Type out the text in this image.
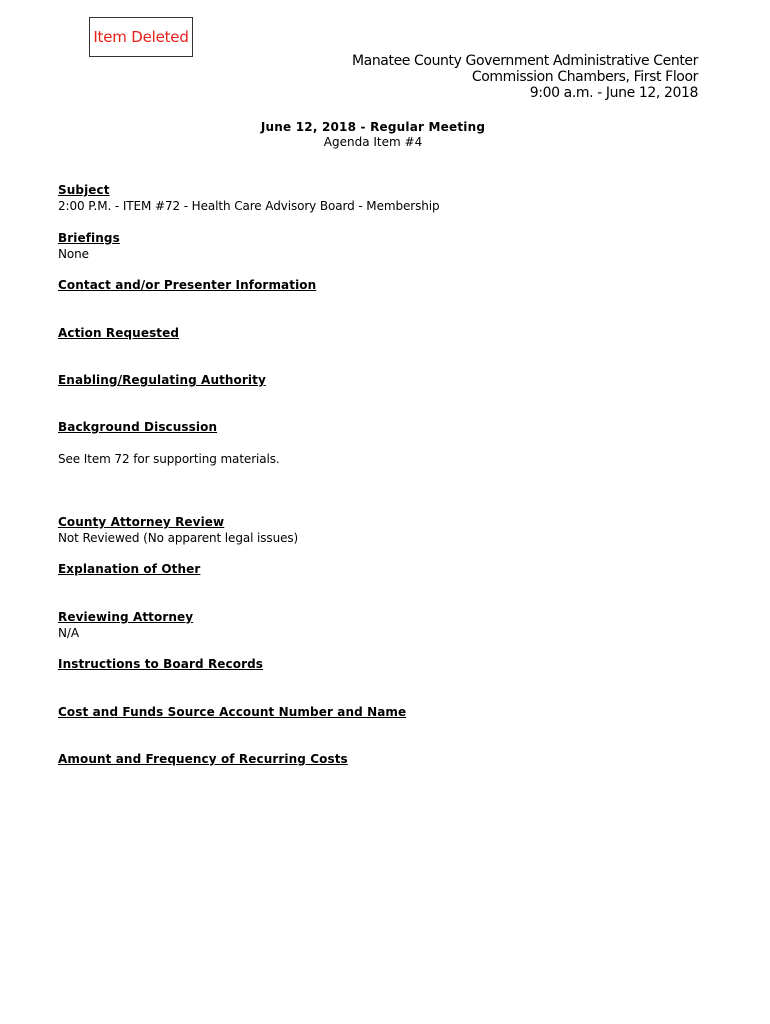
Item Deleted
Manatee County Government Administrative Center
Commission Chambers, First Floor
9:00 a.m. - June 12, 2018
June 12, 2018 - Regular Meeting
Agenda Item #4
Subject
2:00 P.M. - ITEM #72 - Health Care Advisory Board - Membership
Briefings
None
Contact and/or Presenter Information
Action Requested
Enabling/Regulating Authority
Background Discussion
See Item 72 for supporting materials.
County Attorney Review
Not Reviewed (No apparent legal issues)
Explanation of Other
Reviewing Attorney
N/A
Instructions to Board Records
Cost and Funds Source Account Number and Name
Amount and Frequency of Recurring Costs
